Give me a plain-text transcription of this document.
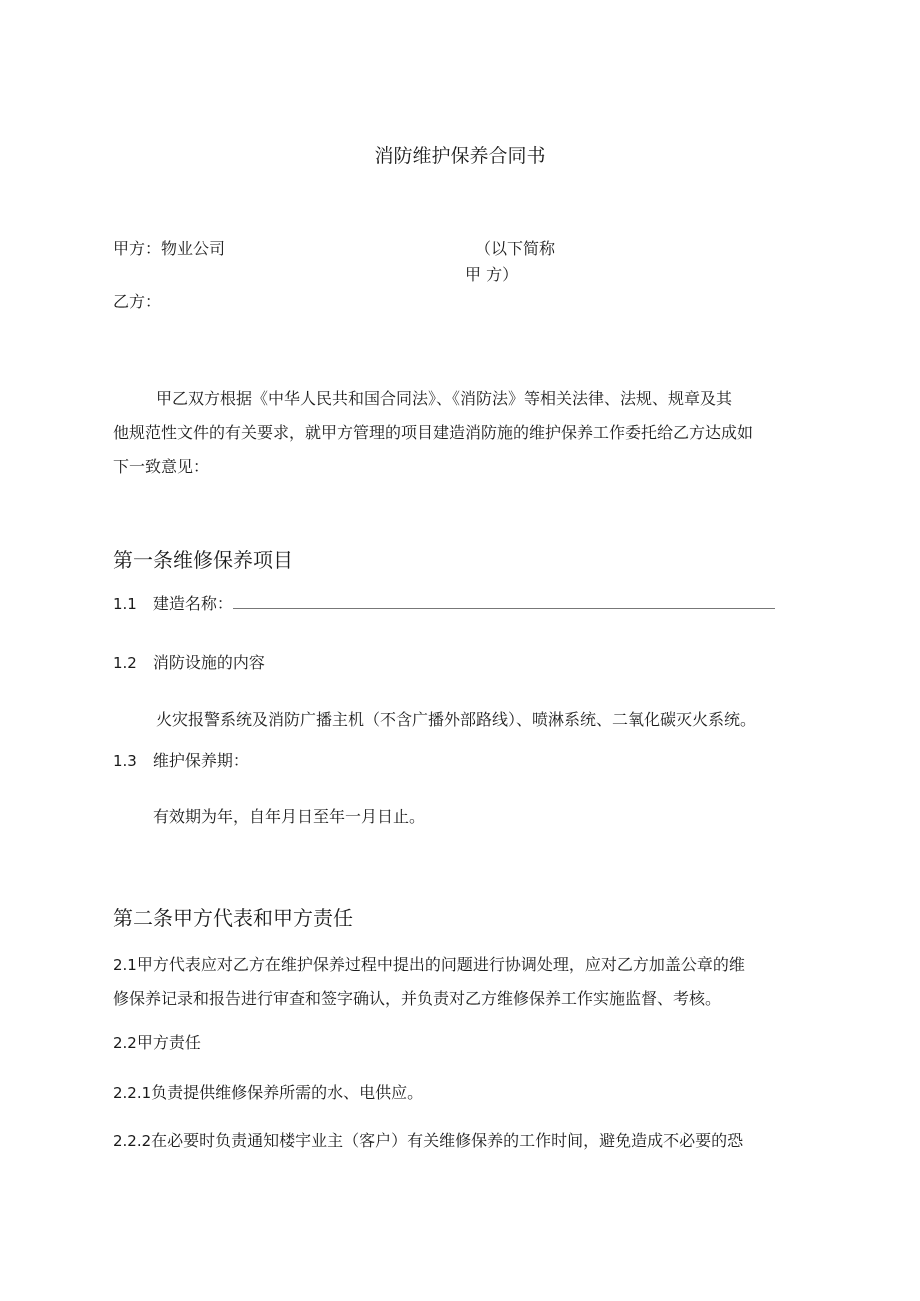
消防维护保养合同书
甲方：物业公司	（以下简称
甲 方）
乙方：
甲乙双方根据《中华人民共和国合同法》、《消防法》等相关法律、法规、规章及其
他规范性文件的有关要求，就甲方管理的项目建造消防施的维护保养工作委托给乙方达成如
下一致意见：
第一条维修保养项目
1.1 建造名称：
1.2 消防设施的内容
火灾报警系统及消防广播主机（不含广播外部路线）、喷淋系统、二氧化碳灭火系统。
1.3 维护保养期：
有效期为年，自年月日至年一月日止。
第二条甲方代表和甲方责任
2.1甲方代表应对乙方在维护保养过程中提出的问题进行协调处理，应对乙方加盖公章的维
修保养记录和报告进行审查和签字确认，并负责对乙方维修保养工作实施监督、考核。
2.2甲方责任
2.2.1负责提供维修保养所需的水、电供应。
2.2.2在必要时负责通知楼宇业主（客户）有关维修保养的工作时间，避免造成不必要的恐
